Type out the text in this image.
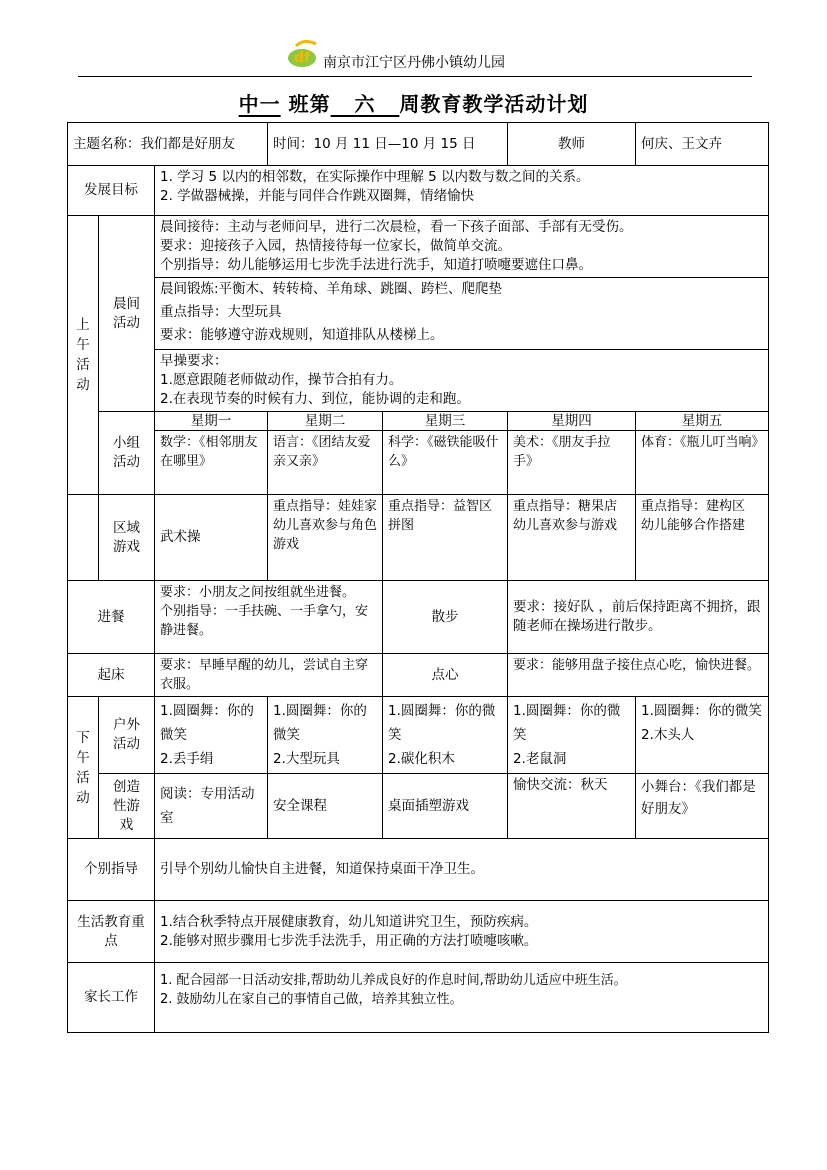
df 南京市江宁区丹佛小镇幼儿园
中一 班第 六 周教育教学活动计划
主题名称：我们都是好朋友			时间：10 月 11 日—10 月 15 日		教师	何庆、王文卉
发展目标		1. 学习 5 以内的相邻数，在实际操作中理解 5 以内数与数之间的关系。
2. 学做器械操，并能与同伴合作跳双圈舞，情绪愉快				

上午活动	晨间活动	晨间接待：主动与老师问早，进行二次晨检，看一下孩子面部、手部有无受伤。
要求：迎接孩子入园，热情接待每一位家长，做简单交流。
个别指导：幼儿能够运用七步洗手法进行洗手，知道打喷嚏要遮住口鼻。				

		晨间锻炼:平衡木、转转椅、羊角球、跳圈、跨栏、爬爬垫
重点指导：大型玩具
要求：能够遵守游戏规则，知道排队从楼梯上。				

		早操要求：
1.愿意跟随老师做动作，操节合拍有力。
2.在表现节奏的时候有力、到位，能协调的走和跑。				

	小组活动	星期一	星期二	星期三	星期四	星期五
		数学：《相邻朋友在哪里》	语言：《团结友爱亲又亲》	科学：《磁铁能吸什么》	美术：《朋友手拉手》	体育：《瓶儿叮当响》

	区域游戏	武术操	重点指导：娃娃家
幼儿喜欢参与角色游戏	重点指导：益智区
拼图	重点指导：糖果店
幼儿喜欢参与游戏	重点指导：建构区
幼儿能够合作搭建
进餐		要求：小朋友之间按组就坐进餐。
个别指导：一手扶碗、一手拿勺，安静进餐。		散步	要求：接好队 ，前后保持距离不拥挤，跟随老师在操场进行散步。	
起床		要求：早睡早醒的幼儿，尝试自主穿衣服。		点心	要求：能够用盘子接住点心吃，愉快进餐。	

下午活动	户外活动	1.圆圈舞：你的微笑
2.丢手绢	1.圆圈舞：你的微笑
2.大型玩具	1.圆圈舞：你的微笑
2.碳化积木	1.圆圈舞：你的微笑
2.老鼠洞	1.圆圈舞：你的微笑
2.木头人

	创造性游戏	阅读：专用活动室	安全课程	桌面插塑游戏	愉快交流：秋天	小舞台：《我们都是好朋友》
个别指导		引导个别幼儿愉快自主进餐，知道保持桌面干净卫生。				

生活教育重 点		1.结合秋季特点开展健康教育，幼儿知道讲究卫生，预防疾病。
2.能够对照步骤用七步洗手法洗手，用正确的方法打喷嚏咳嗽。				

家长工作		1. 配合园部一日活动安排,帮助幼儿养成良好的作息时间,帮助幼儿适应中班生活。
2. 鼓励幼儿在家自己的事情自己做，培养其独立性。				
